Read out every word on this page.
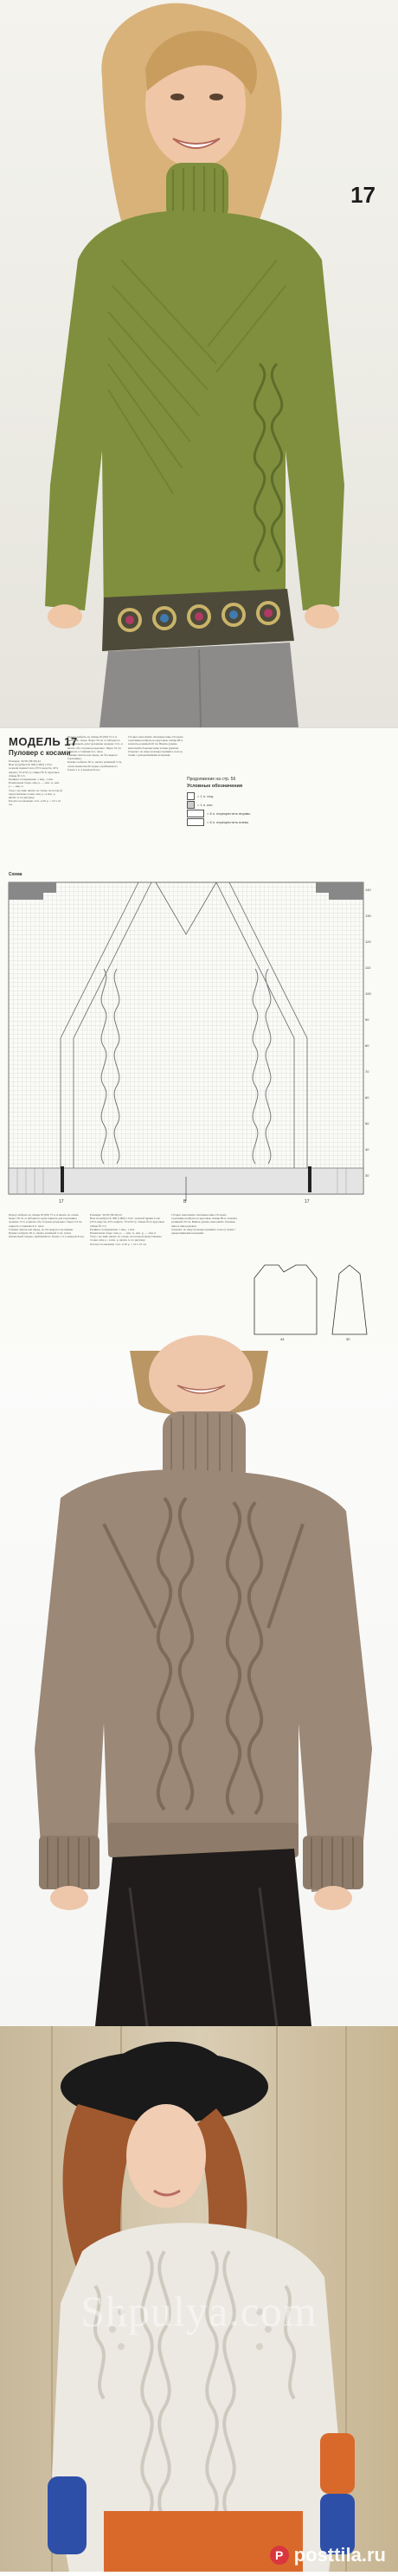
17
МОДЕЛЬ 17
Пуловер с косами
Размеры: 34/36 (38/40) 42
Вам потребуется: 800 (1000) 1150 г зеленой пряжи Сепо (55% шерсти, 45% акрила, 70 м/50 г); спицы № 6; круговые спицы № 5,5.
Резинка: попеременно 1 лиц., 1 изн.
Изнаночная гладь: лиц. р. — изн. п., изн. р. — лиц. п.
Узор с косами: вязать по схеме, на которой представлены только лиц. р.; в изн. р. вязать п. по рисунку.
Плотность вязания: 14 п. и 20 р. = 10 х 10 см.
Перед: набрать на спицы 63 (69) 75 п. и вязать по схеме. Через 50 см от наборного края закрыть для горловины средние 13 п. и вязать обе стороны раздельно. Через 54 см закрыть оставшиеся п. плеч.
Спинка: вязать как перед, но без выреза горловины.
Рукава: набрать 36 п., вязать резинкой 5 см, затем изнаночной гладью, прибавляя по бокам 1 п. в каждом 8-м р.
Сборка: выполнить плечевые швы. По краю горловины набрать на круговые спицы 80 п. и вязать резинкой 20 см. Вшить рукава, выполнить боковые швы и швы рукавов.
Отделка: по низу пуловера пришить полосу ткани с декоративными кольцами.
Продолжение на стр. 56
Условные обозначения
= 1 п. лиц.
= 1 п. изн.
= 6 п. перекрестить вправо
= 6 п. перекрестить влево
Схема
140
130
120
110
100
90
80
70
60
50
40
30
B
17	17
Перед: набрать на спицы 63 (69) 75 п. и вязать по схеме. Через 50 см от наборного края закрыть для горловины средние 13 п. и вязать обе стороны раздельно. Через 54 см закрыть оставшиеся п. плеч.
Спинка: вязать как перед, но без выреза горловины.
Рукава: набрать 36 п., вязать резинкой 5 см, затем изнаночной гладью, прибавляя по бокам 1 п. в каждом 8-м р.
Размеры: 34/36 (38/40) 42
Вам потребуется: 800 (1000) 1150 г зеленой пряжи Сепо (55% шерсти, 45% акрила, 70 м/50 г); спицы № 6; круговые спицы № 5,5.
Резинка: попеременно 1 лиц., 1 изн.
Изнаночная гладь: лиц. р. — изн. п., изн. р. — лиц. п.
Узор с косами: вязать по схеме, на которой представлены только лиц. р.; в изн. р. вязать п. по рисунку.
Плотность вязания: 14 п. и 20 р. = 10 х 10 см.
Сборка: выполнить плечевые швы. По краю горловины набрать на круговые спицы 80 п. и вязать резинкой 20 см. Вшить рукава, выполнить боковые швы и швы рукавов.
Отделка: по низу пуловера пришить полосу ткани с декоративными кольцами.
44	30
Shpulya.com
P posttila.ru
